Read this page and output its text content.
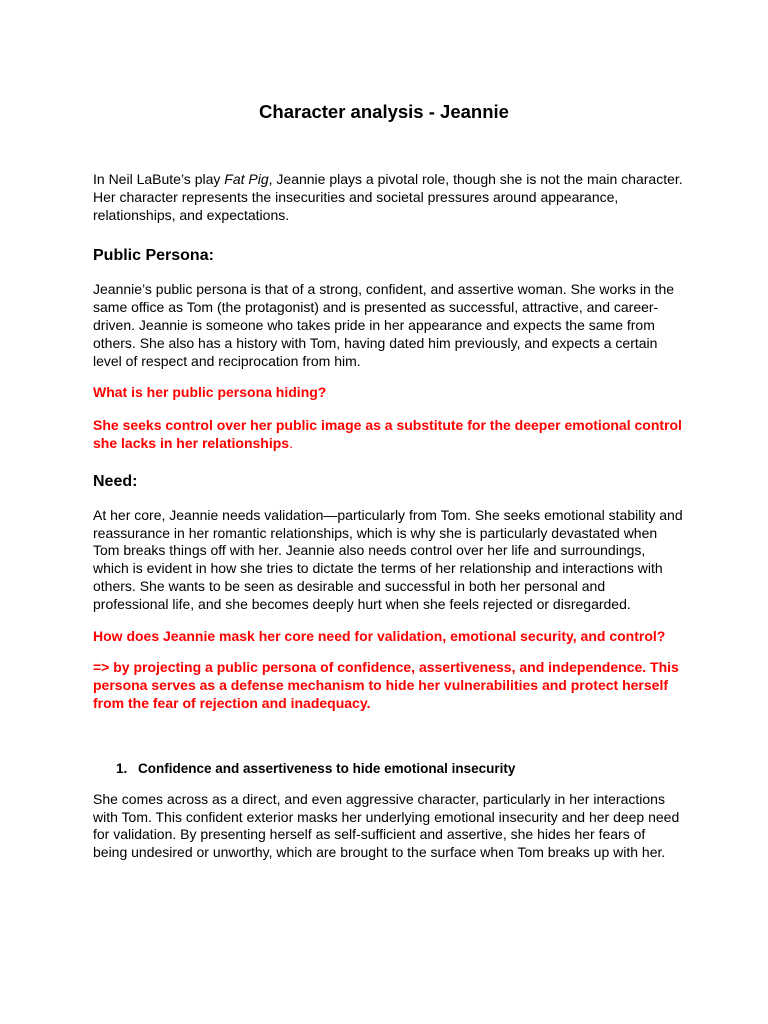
Character analysis - Jeannie

In Neil LaBute’s play Fat Pig, Jeannie plays a pivotal role, though she is not the main character. Her character represents the insecurities and societal pressures around appearance, relationships, and expectations.

Public Persona:

Jeannie’s public persona is that of a strong, confident, and assertive woman. She works in the same office as Tom (the protagonist) and is presented as successful, attractive, and career-driven. Jeannie is someone who takes pride in her appearance and expects the same from others. She also has a history with Tom, having dated him previously, and expects a certain level of respect and reciprocation from him.

What is her public persona hiding?

She seeks control over her public image as a substitute for the deeper emotional control she lacks in her relationships.

Need:

At her core, Jeannie needs validation—particularly from Tom. She seeks emotional stability and reassurance in her romantic relationships, which is why she is particularly devastated when Tom breaks things off with her. Jeannie also needs control over her life and surroundings, which is evident in how she tries to dictate the terms of her relationship and interactions with others. She wants to be seen as desirable and successful in both her personal and professional life, and she becomes deeply hurt when she feels rejected or disregarded.

How does Jeannie mask her core need for validation, emotional security, and control?

=> by projecting a public persona of confidence, assertiveness, and independence. This persona serves as a defense mechanism to hide her vulnerabilities and protect herself from the fear of rejection and inadequacy.

1. Confidence and assertiveness to hide emotional insecurity

She comes across as a direct, and even aggressive character, particularly in her interactions with Tom. This confident exterior masks her underlying emotional insecurity and her deep need for validation. By presenting herself as self-sufficient and assertive, she hides her fears of being undesired or unworthy, which are brought to the surface when Tom breaks up with her.
